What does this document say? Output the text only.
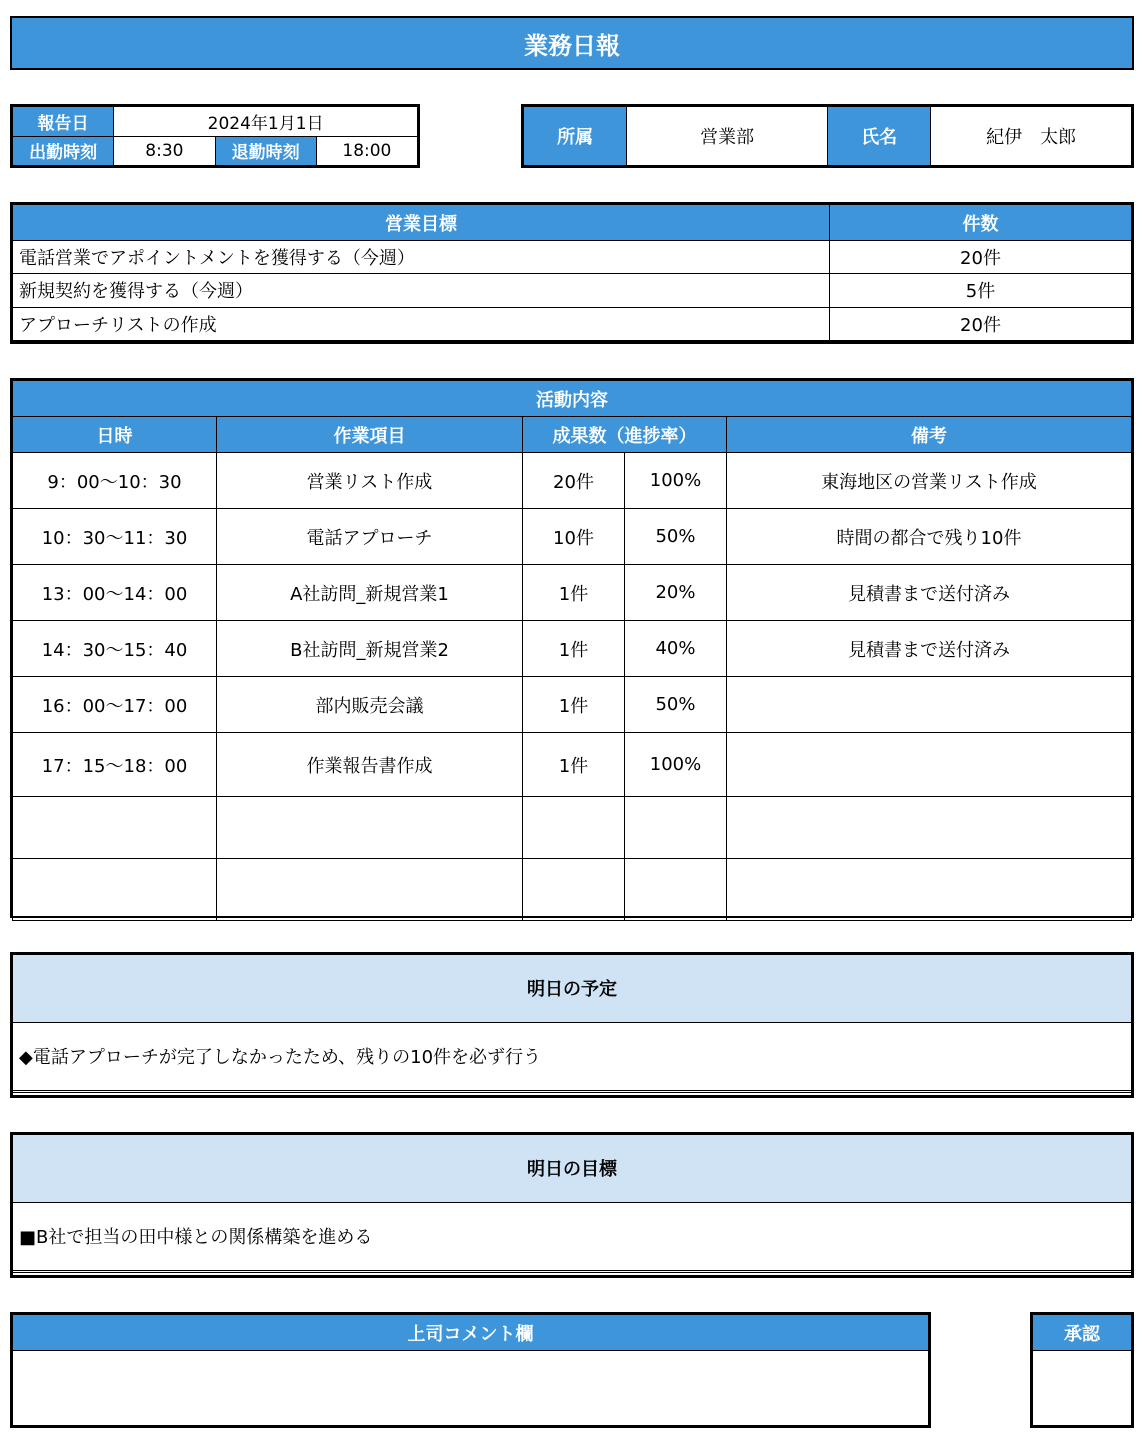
業務日報
報告日	2024年1月1日		
出勤時刻	8:30	退勤時刻	18:00
所属	営業部	氏名	紀伊　太郎
営業目標	件数
電話営業でアポイントメントを獲得する（今週）	20件
新規契約を獲得する（今週）	5件
アプローチリストの作成	20件

活動内容				
日時	作業項目	成果数（進捗率）		備考
9：00～10：30	営業リスト作成	20件	100%	東海地区の営業リスト作成
10：30～11：30	電話アプローチ	10件	50%	時間の都合で残り10件
13：00～14：00	A社訪問_新規営業1	1件	20%	見積書まで送付済み
14：30～15：40	B社訪問_新規営業2	1件	40%	見積書まで送付済み
16：00～17：00	部内販売会議	1件	50%	
17：15～18：00	作業報告書作成	1件	100%	

明日の予定
◆電話アプローチが完了しなかったため、残りの10件を必ず行う

明日の目標
■B社で担当の田中様との関係構築を進める

上司コメント欄	承認
